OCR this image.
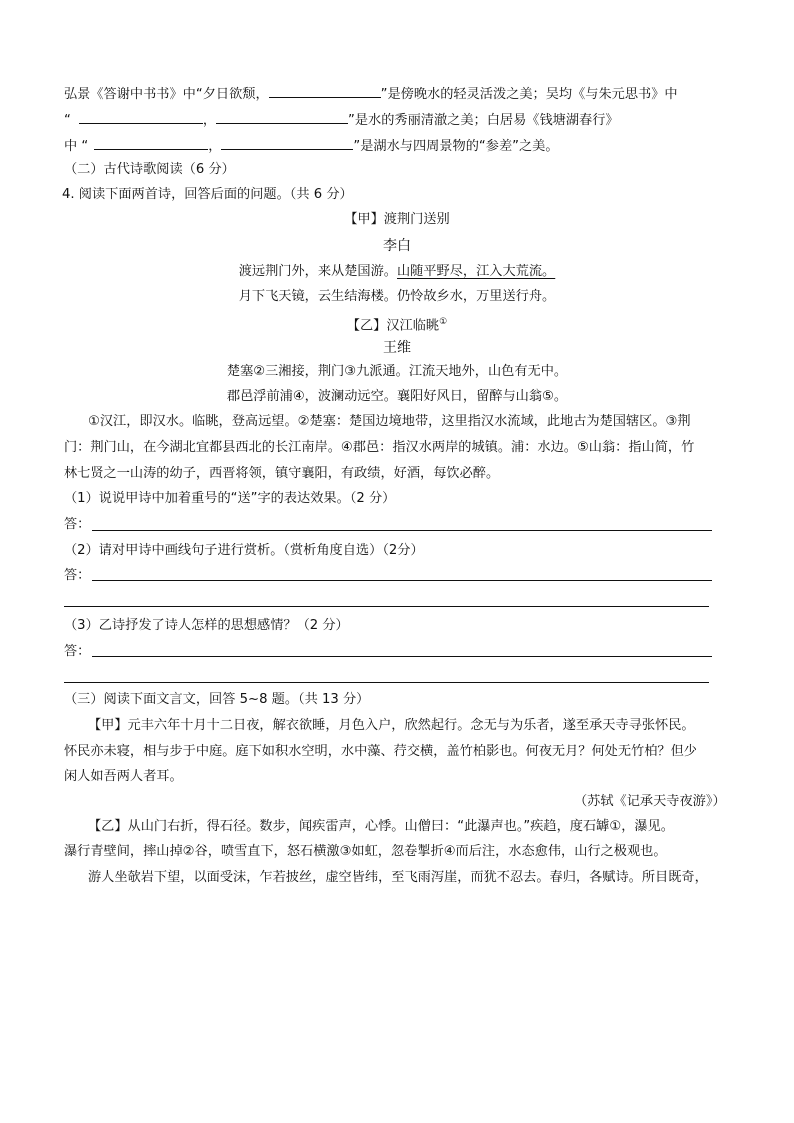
弘景《答谢中书书》中“夕日欲颓，	”是傍晚水的轻灵活泼之美；吴均《与朱元思书》中
“	，	”是水的秀丽清澈之美；白居易《钱塘湖春行》
中 “	，	”是湖水与四周景物的“参差”之美。
（二）古代诗歌阅读（6 分）
4. 阅读下面两首诗，回答后面的问题。（共 6 分）
【甲】渡荆门送别
李白
渡远荆门外，来从楚国游。山随平野尽，江入大荒流。
月下飞天镜，云生结海楼。仍怜故乡水，万里送行舟。
【乙】汉江临眺①
王维
楚塞②三湘接，荆门③九派通。江流天地外，山色有无中。
郡邑浮前浦④，波澜动远空。襄阳好风日，留醉与山翁⑤。
①汉江，即汉水。临眺，登高远望。②楚塞：楚国边境地带，这里指汉水流域，此地古为楚国辖区。③荆
门：荆门山，在今湖北宜都县西北的长江南岸。④郡邑：指汉水两岸的城镇。浦：水边。⑤山翁：指山简，竹
林七贤之一山涛的幼子，西晋将领，镇守襄阳，有政绩，好酒，每饮必醉。
（1）说说甲诗中加着重号的“送”字的表达效果。（2 分）
答：
（2）请对甲诗中画线句子进行赏析。（赏析角度自选）（2分）
答：
（3）乙诗抒发了诗人怎样的思想感情？（2 分）
答：
（三）阅读下面文言文，回答 5~8 题。（共 13 分）
【甲】元丰六年十月十二日夜，解衣欲睡，月色入户，欣然起行。念无与为乐者，遂至承天寺寻张怀民。
怀民亦未寝，相与步于中庭。庭下如积水空明，水中藻、荇交横，盖竹柏影也。何夜无月？何处无竹柏？但少
闲人如吾两人者耳。
（苏轼《记承天寺夜游》）
【乙】从山门右折，得石径。数步，闻疾雷声，心悸。山僧曰：“此瀑声也。”疾趋，度石罅①，瀑见。
瀑行青壁间，摔山掉②谷，喷雪直下，怒石横激③如虹，忽卷掣折④而后注，水态愈伟，山行之极观也。
游人坐欹岩下望，以面受沫，乍若披丝，虚空皆纬，至飞雨泻崖，而犹不忍去。春归，各赋诗。所目既奇，
